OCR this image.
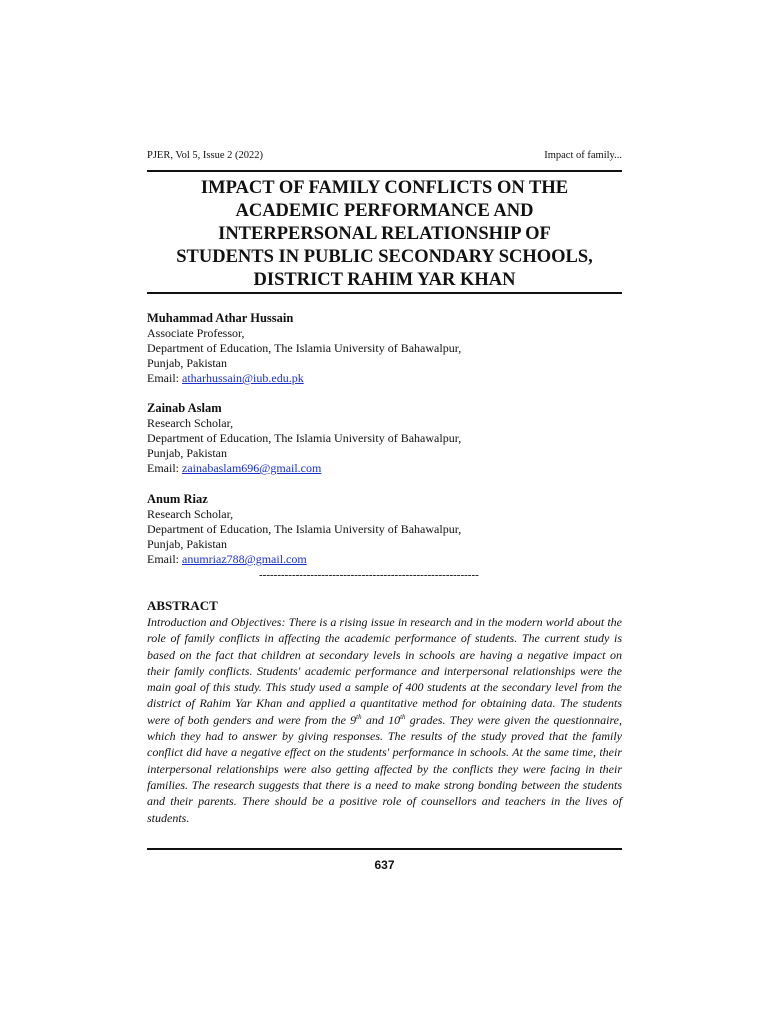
PJER, Vol 5, Issue 2 (2022)	Impact of family...
IMPACT OF FAMILY CONFLICTS ON THE
ACADEMIC PERFORMANCE AND
INTERPERSONAL RELATIONSHIP OF
STUDENTS IN PUBLIC SECONDARY SCHOOLS,
DISTRICT RAHIM YAR KHAN
Muhammad Athar Hussain
Associate Professor,
Department of Education, The Islamia University of Bahawalpur,
Punjab, Pakistan
Email: atharhussain@iub.edu.pk
Zainab Aslam
Research Scholar,
Department of Education, The Islamia University of Bahawalpur,
Punjab, Pakistan
Email: zainabaslam696@gmail.com
Anum Riaz
Research Scholar,
Department of Education, The Islamia University of Bahawalpur,
Punjab, Pakistan
Email: anumriaz788@gmail.com
------------------------------------------------------------
ABSTRACT
Introduction and Objectives: There is a rising issue in research and in the modern world about the role of family conflicts in affecting the academic performance of students. The current study is based on the fact that children at secondary levels in schools are having a negative impact on their family conflicts. Students' academic performance and interpersonal relationships were the main goal of this study. This study used a sample of 400 students at the secondary level from the district of Rahim Yar Khan and applied a quantitative method for obtaining data. The students were of both genders and were from the 9th and 10th grades. They were given the questionnaire, which they had to answer by giving responses. The results of the study proved that the family conflict did have a negative effect on the students' performance in schools. At the same time, their interpersonal relationships were also getting affected by the conflicts they were facing in their families. The research suggests that there is a need to make strong bonding between the students and their parents. There should be a positive role of counsellors and teachers in the lives of students.
637
